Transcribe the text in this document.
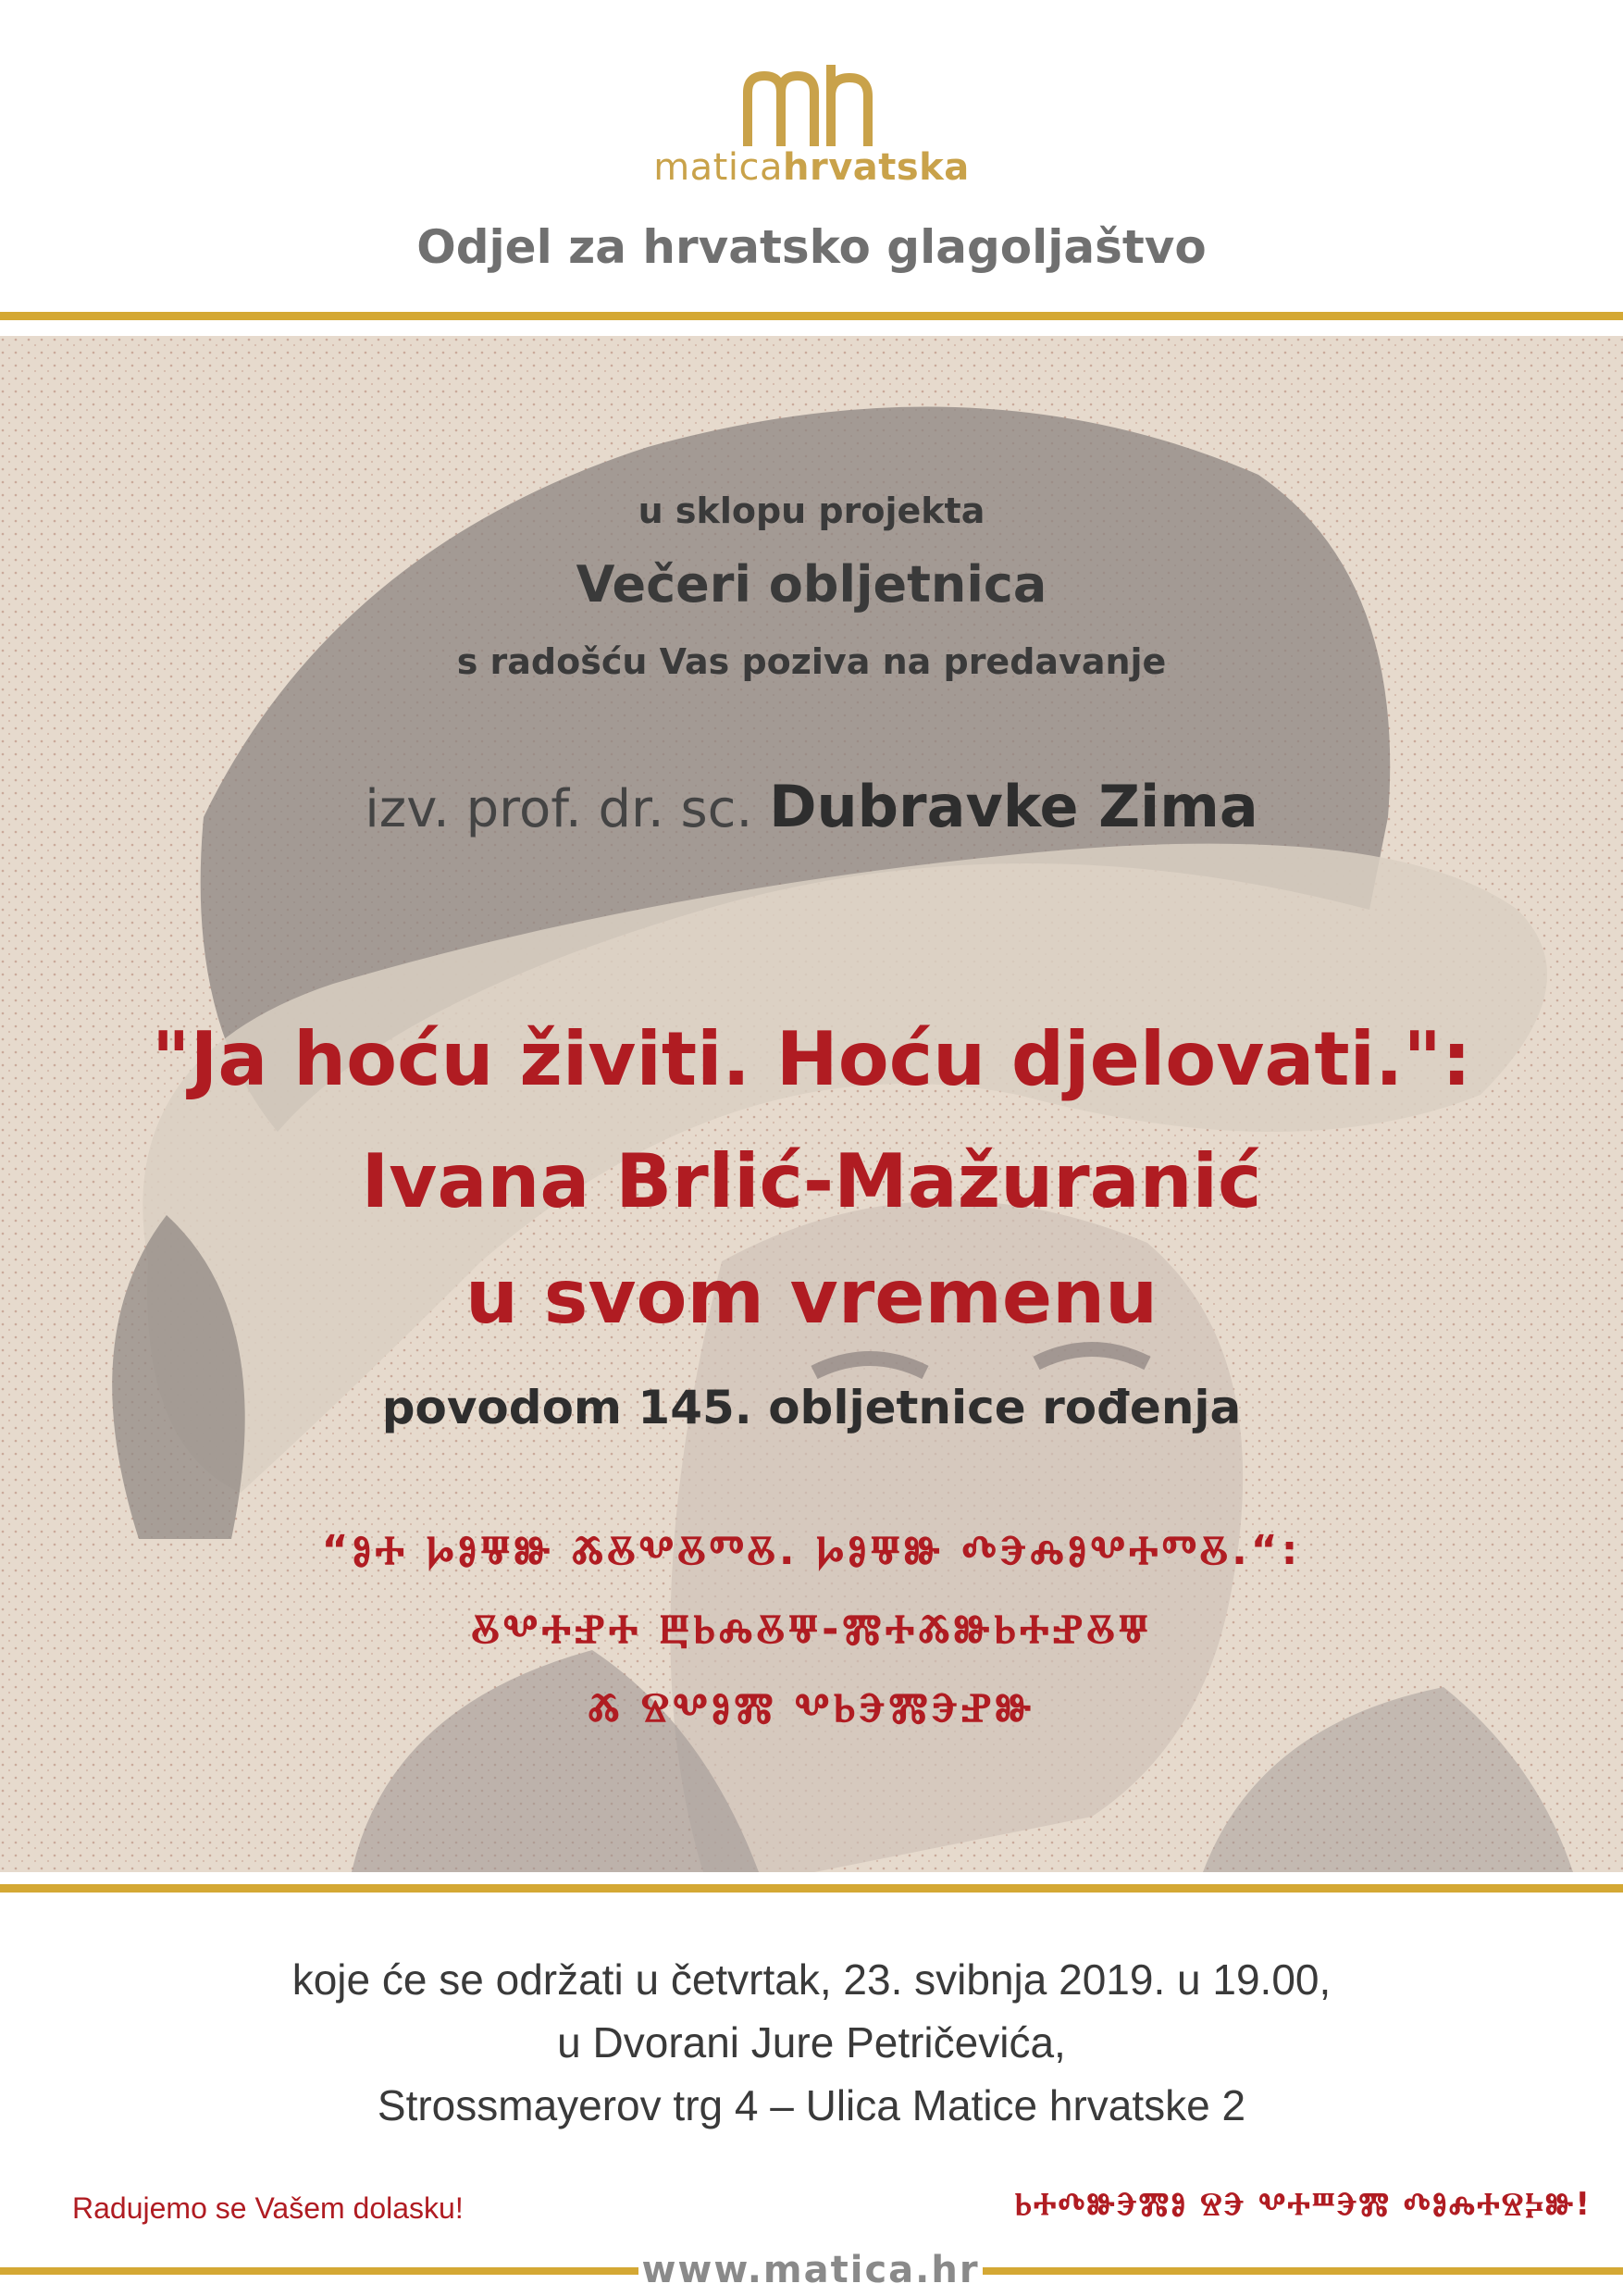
maticahrvatska
Odjel za hrvatsko glagoljaštvo
u sklopu projekta
Večeri obljetnica
s radošću Vas poziva na predavanje
izv. prof. dr. sc. Dubravke Zima
"Ja hoću živiti. Hoću djelovati.":
Ivana Brlić-Mažuranić
u svom vremenu
povodom 145. obljetnice rođenja
“ⰑⰀ ⰘⰑⰛⰖ ⰆⰋⰂⰋⰕⰋ. ⰘⰑⰛⰖ ⰄⰅⰎⰑⰂⰀⰕⰋ.“:
ⰋⰂⰀⰐⰀ ⰁⰓⰎⰋⰛ-ⰏⰀⰆⰖⰓⰀⰐⰋⰛ
Ⰶ ⰔⰂⰑⰏ ⰂⰓⰅⰏⰅⰐⰖ
koje će se održati u četvrtak, 23. svibnja 2019. u 19.00,
u Dvorani Jure Petričevića,
Strossmayerov trg 4 – Ulica Matice hrvatske 2
Radujemo se Vašem dolasku!	ⰓⰀⰄⰖⰅⰏⰑ ⰔⰅ ⰂⰀⰞⰅⰏ ⰄⰑⰎⰀⰔⰍⰖ!
www.matica.hr
